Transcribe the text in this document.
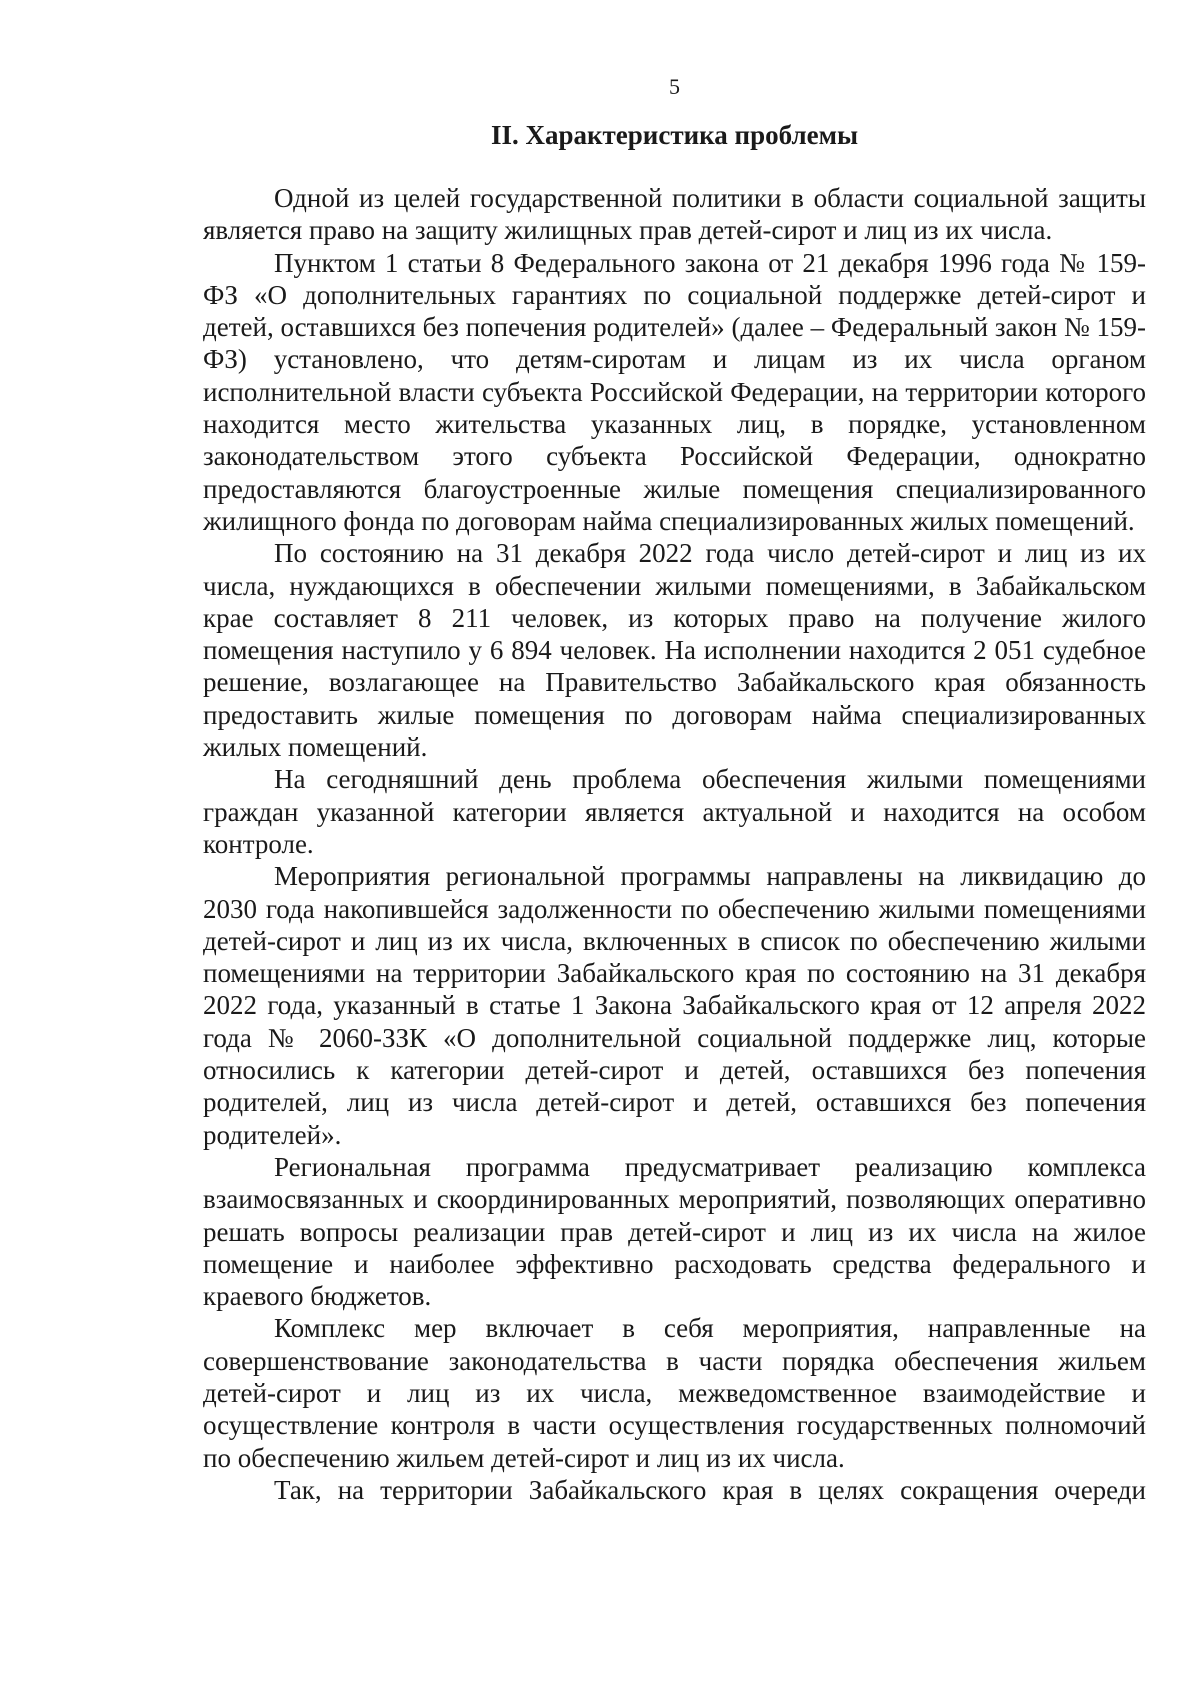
5
II. Характеристика проблемы

Одной из целей государственной политики в области социальной защиты является право на защиту жилищных прав детей-сирот и лиц из их числа.

Пунктом 1 статьи 8 Федерального закона от 21 декабря 1996 года № 159-ФЗ «О дополнительных гарантиях по социальной поддержке детей-сирот и детей, оставшихся без попечения родителей» (далее – Федеральный закон № 159-ФЗ) установлено, что детям-сиротам и лицам из их числа органом исполнительной власти субъекта Российской Федерации, на территории которого находится место жительства указанных лиц, в порядке, установленном законодательством этого субъекта Российской Федерации, однократно предоставляются благоустроенные жилые помещения специализированного жилищного фонда по договорам найма специализированных жилых помещений.

По состоянию на 31 декабря 2022 года число детей-сирот и лиц из их числа, нуждающихся в обеспечении жилыми помещениями, в Забайкальском крае составляет 8 211 человек, из которых право на получение жилого помещения наступило у 6 894 человек. На исполнении находится 2 051 судебное решение, возлагающее на Правительство Забайкальского края обязанность предоставить жилые помещения по договорам найма специализированных жилых помещений.

На сегодняшний день проблема обеспечения жилыми помещениями граждан указанной категории является актуальной и находится на особом контроле.

Мероприятия региональной программы направлены на ликвидацию до 2030 года накопившейся задолженности по обеспечению жилыми помещениями детей-сирот и лиц из их числа, включенных в список по обеспечению жилыми помещениями на территории Забайкальского края по состоянию на 31 декабря 2022 года, указанный в статье 1 Закона Забайкальского края от 12 апреля 2022 года № 2060-ЗЗК «О дополнительной социальной поддержке лиц, которые относились к категории детей-сирот и детей, оставшихся без попечения родителей, лиц из числа детей-сирот и детей, оставшихся без попечения родителей».

Региональная программа предусматривает реализацию комплекса взаимосвязанных и скоординированных мероприятий, позволяющих оперативно решать вопросы реализации прав детей-сирот и лиц из их числа на жилое помещение и наиболее эффективно расходовать средства федерального и краевого бюджетов.

Комплекс мер включает в себя мероприятия, направленные на совершенствование законодательства в части порядка обеспечения жильем детей-сирот и лиц из их числа, межведомственное взаимодействие и осуществление контроля в части осуществления государственных полномочий по обеспечению жильем детей-сирот и лиц из их числа.

Так, на территории Забайкальского края в целях сокращения очереди
